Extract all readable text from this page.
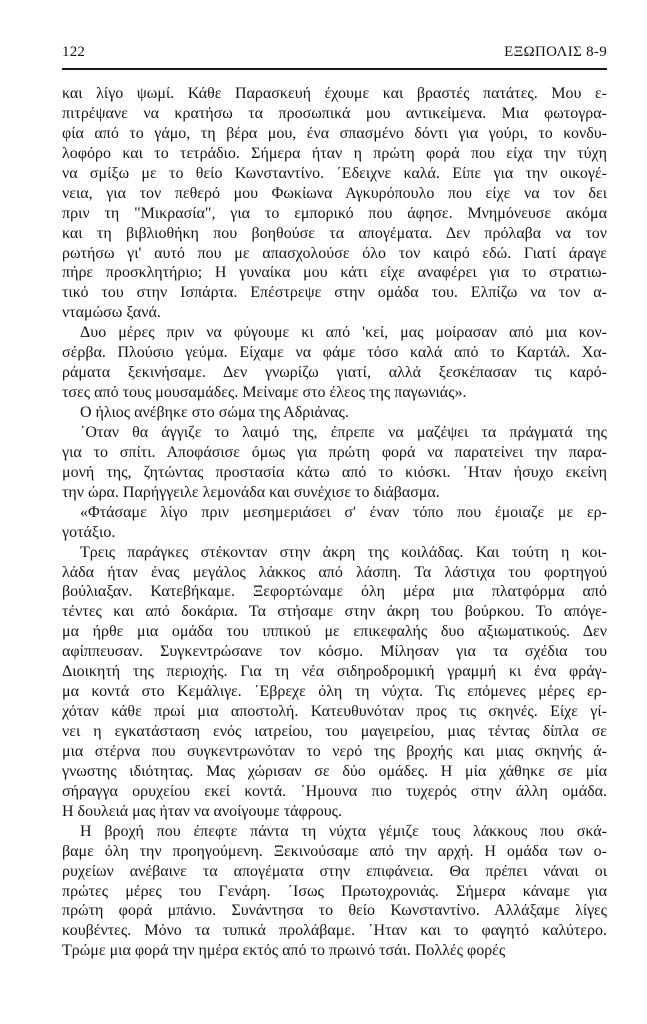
122	ΕΞΩΠΟΛΙΣ 8-9
και λίγο ψωμί. Κάθε Παρασκευή έχουμε και βραστές πατάτες. Μου ε-
πιτρέψανε να κρατήσω τα προσωπικά μου αντικείμενα. Μια φωτογρα-
φία από το γάμο, τη βέρα μου, ένα σπασμένο δόντι για γούρι, το κονδυ-
λοφόρο και το τετράδιο. Σήμερα ήταν η πρώτη φορά που είχα την τύχη
να σμίξω με το θείο Κωνσταντίνο. ΄Εδειχνε καλά. Είπε για την οικογέ-
νεια, για τον πεθερό μου Φωκίωνα Αγκυρόπουλο που είχε να τον δει
πριν τη "Μικρασία", για το εμπορικό που άφησε. Μνημόνευσε ακόμα
και τη βιβλιοθήκη που βοηθούσε τα απογέματα. Δεν πρόλαβα να τον
ρωτήσω γι' αυτό που με απασχολούσε όλο τον καιρό εδώ. Γιατί άραγε
πήρε προσκλητήριο; Η γυναίκα μου κάτι είχε αναφέρει για το στρατιω-
τικό του στην Ισπάρτα. Επέστρεψε στην ομάδα του. Ελπίζω να τον α-
νταμώσω ξανά.
Δυο μέρες πριν να φύγουμε κι από 'κεί, μας μοίρασαν από μια κον-
σέρβα. Πλούσιο γεύμα. Είχαμε να φάμε τόσο καλά από το Καρτάλ. Χα-
ράματα ξεκινήσαμε. Δεν γνωρίζω γιατί, αλλά ξεσκέπασαν τις καρό-
τσες από τους μουσαμάδες. Μείναμε στο έλεος της παγωνιάς».
Ο ήλιος ανέβηκε στο σώμα της Αδριάνας.
΄Οταν θα άγγιζε το λαιμό της, έπρεπε να μαζέψει τα πράγματά της
για το σπίτι. Αποφάσισε όμως για πρώτη φορά να παρατείνει την παρα-
μονή της, ζητώντας προστασία κάτω από το κιόσκι. ΄Ηταν ήσυχο εκείνη
την ώρα. Παρήγγειλε λεμονάδα και συνέχισε το διάβασμα.
«Φτάσαμε λίγο πριν μεσημεριάσει σ' έναν τόπο που έμοιαζε με ερ-
γοτάξιο.
Τρεις παράγκες στέκονταν στην άκρη της κοιλάδας. Και τούτη η κοι-
λάδα ήταν ένας μεγάλος λάκκος από λάσπη. Τα λάστιχα του φορτηγού
βούλιαξαν. Κατεβήκαμε. Ξεφορτώναμε όλη μέρα μια πλατφόρμα από
τέντες και από δοκάρια. Τα στήσαμε στην άκρη του βούρκου. Το απόγε-
μα ήρθε μια ομάδα του ιππικού με επικεφαλής δυο αξιωματικούς. Δεν
αφίππευσαν. Συγκεντρώσανε τον κόσμο. Μίλησαν για τα σχέδια του
Διοικητή της περιοχής. Για τη νέα σιδηροδρομική γραμμή κι ένα φράγ-
μα κοντά στο Κεμάλιγε. ΄Εβρεχε όλη τη νύχτα. Τις επόμενες μέρες ερ-
χόταν κάθε πρωί μια αποστολή. Κατευθυνόταν προς τις σκηνές. Είχε γί-
νει η εγκατάσταση ενός ιατρείου, του μαγειρείου, μιας τέντας δίπλα σε
μια στέρνα που συγκεντρωνόταν το νερό της βροχής και μιας σκηνής ά-
γνωστης ιδιότητας. Μας χώρισαν σε δύο ομάδες. Η μία χάθηκε σε μία
σήραγγα ορυχείου εκεί κοντά. ΄Ημουνα πιο τυχερός στην άλλη ομάδα.
Η δουλειά μας ήταν να ανοίγουμε τάφρους.
Η βροχή που έπεφτε πάντα τη νύχτα γέμιζε τους λάκκους που σκά-
βαμε όλη την προηγούμενη. Ξεκινούσαμε από την αρχή. Η ομάδα των ο-
ρυχείων ανέβαινε τα απογέματα στην επιφάνεια. Θα πρέπει νάναι οι
πρώτες μέρες του Γενάρη. ΄Ισως Πρωτοχρονιάς. Σήμερα κάναμε για
πρώτη φορά μπάνιο. Συνάντησα το θείο Κωνσταντίνο. Αλλάξαμε λίγες
κουβέντες. Μόνο τα τυπικά προλάβαμε. ΄Ηταν και το φαγητό καλύτερο.
Τρώμε μια φορά την ημέρα εκτός από το πρωινό τσάι. Πολλές φορές
